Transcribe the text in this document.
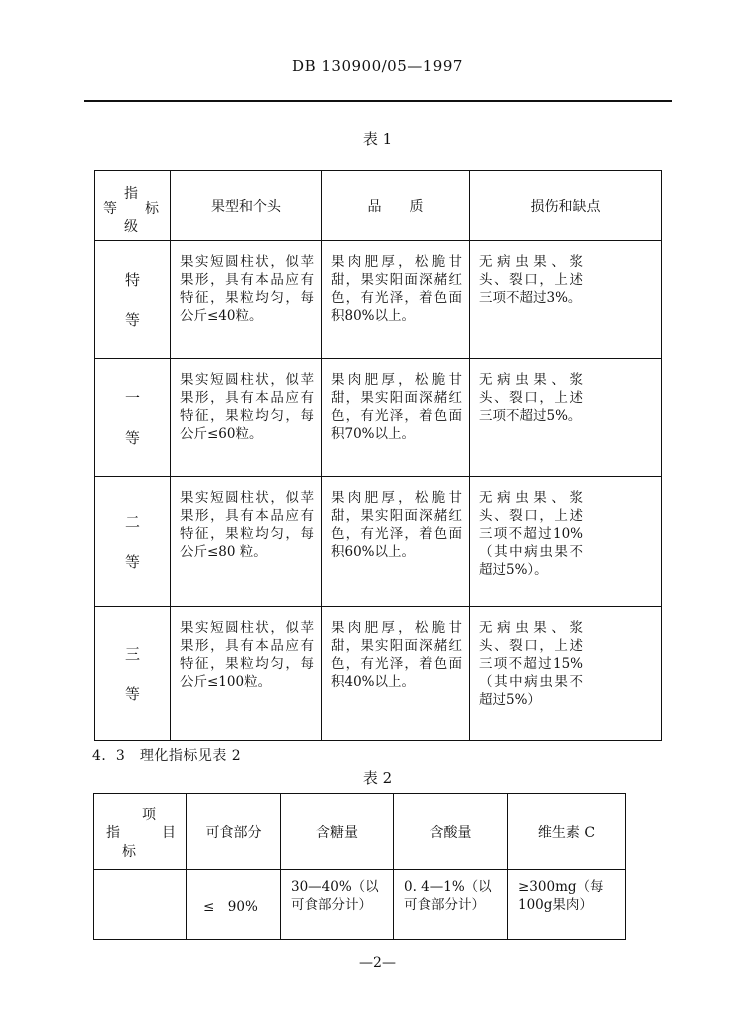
DB 130900/05—1997
表 1
指
等 标
级	果型和个头	品　　质	损伤和缺点

特
等	果实短圆柱状，似苹果形，具有本品应有特征，果粒均匀，每公斤≤40粒。	果肉肥厚，松脆甘甜，果实阳面深赭红色，有光泽，着色面积80%以上。	无病虫果、浆头、裂口，上述三项不超过3%。

一
等	果实短圆柱状，似苹果形，具有本品应有特征，果粒均匀，每公斤≤60粒。	果肉肥厚，松脆甘甜，果实阳面深赭红色，有光泽，着色面积70%以上。	无病虫果、浆头、裂口，上述三项不超过5%。

二
等	果实短圆柱状，似苹果形，具有本品应有特征，果粒均匀，每公斤≤80 粒。	果肉肥厚，松脆甘甜，果实阳面深赭红色，有光泽，着色面积60%以上。	无病虫果、浆头、裂口，上述三项不超过10%（其中病虫果不超过5%）。

三
等	果实短圆柱状，似苹果形，具有本品应有特征，果粒均匀，每公斤≤100粒。	果肉肥厚，松脆甘甜，果实阳面深赭红色，有光泽，着色面积40%以上。	无病虫果、浆头、裂口，上述三项不超过15%（其中病虫果不超过5%）
4．3　理化指标见表 2
表 2
项
指 目
标	可食部分	含糖量	含酸量	维生素 C
	≤　90%	30—40%（以可食部分计）	0. 4—1%（以可食部分计）	≥300mg（每100g果肉）
—2—
